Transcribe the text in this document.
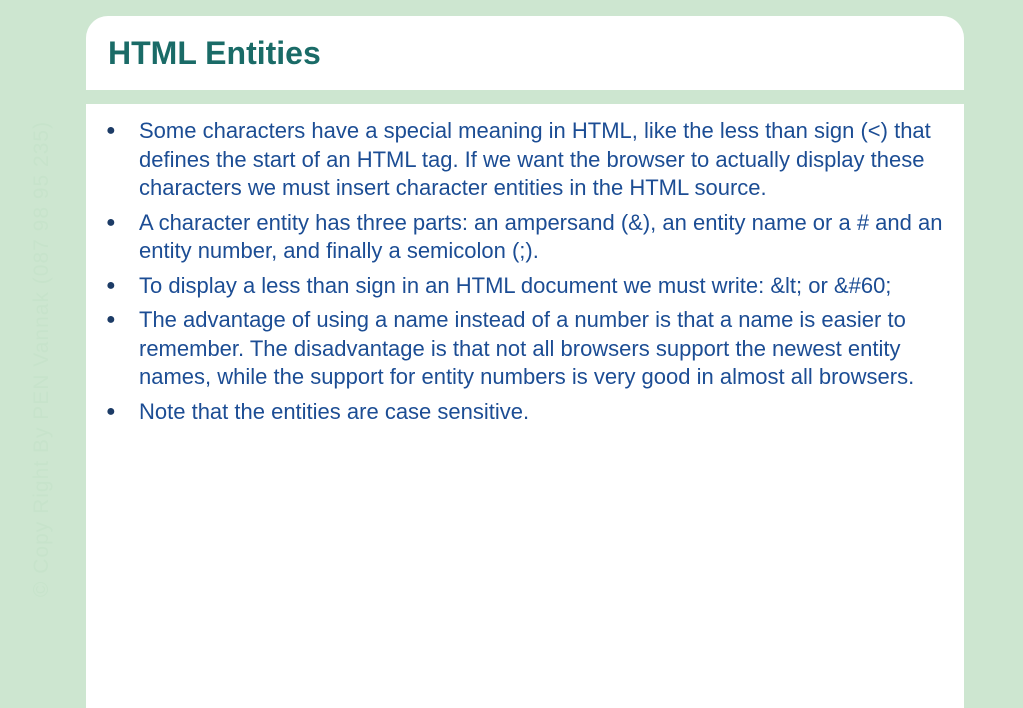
© Copy Right By PEN Vannak (087 98 95 235)
HTML Entities
● Some characters have a special meaning in HTML, like the less than sign (<) that defines the start of an HTML tag. If we want the browser to actually display these characters we must insert character entities in the HTML source.
● A character entity has three parts: an ampersand (&), an entity name or a # and an entity number, and finally a semicolon (;).
● To display a less than sign in an HTML document we must write: &lt; or &#60;
● The advantage of using a name instead of a number is that a name is easier to remember. The disadvantage is that not all browsers support the newest entity names, while the support for entity numbers is very good in almost all browsers.
● Note that the entities are case sensitive.
